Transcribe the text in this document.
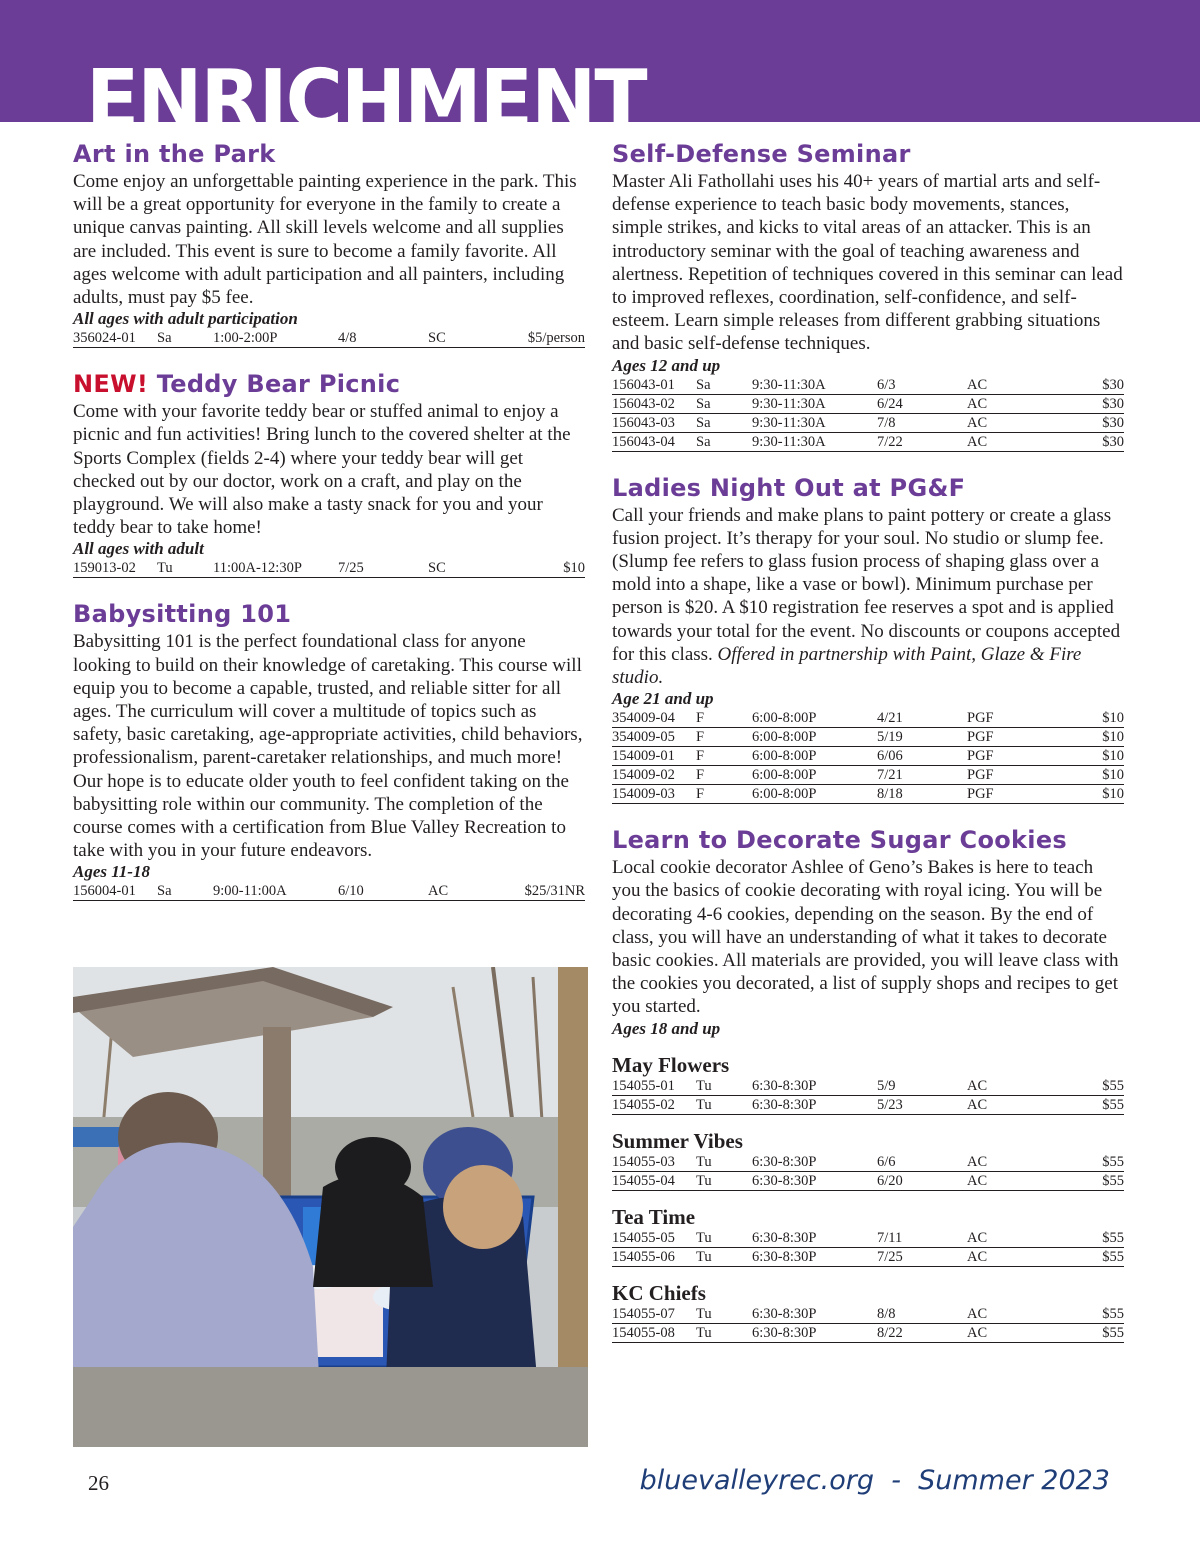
ENRICHMENT
Art in the Park

Come enjoy an unforgettable painting experience in the park. This will be a great opportunity for everyone in the family to create a unique canvas painting. All skill levels welcome and all supplies are included. This event is sure to become a family favorite. All ages welcome with adult participation and all painters, including adults, must pay $5 fee.

All ages with adult participation

356024-01	Sa	1:00-2:00P	4/8	SC	$5/person
NEW! Teddy Bear Picnic

Come with your favorite teddy bear or stuffed animal to enjoy a picnic and fun activities! Bring lunch to the covered shelter at the Sports Complex (fields 2-4) where your teddy bear will get checked out by our doctor, work on a craft, and play on the playground. We will also make a tasty snack for you and your teddy bear to take home!

All ages with adult

159013-02	Tu	11:00A-12:30P	7/25	SC	$10
Babysitting 101

Babysitting 101 is the perfect foundational class for anyone looking to build on their knowledge of caretaking. This course will equip you to become a capable, trusted, and reliable sitter for all ages. The curriculum will cover a multitude of topics such as safety, basic caretaking, age-appropriate activities, child behaviors, professionalism, parent-caretaker relationships, and much more! Our hope is to educate older youth to feel confident taking on the babysitting role within our community. The completion of the course comes with a certification from Blue Valley Recreation to take with you in your future endeavors.

Ages 11-18

156004-01	Sa	9:00-11:00A	6/10	AC	$25/31NR
Self-Defense Seminar

Master Ali Fathollahi uses his 40+ years of martial arts and self-defense experience to teach basic body movements, stances, simple strikes, and kicks to vital areas of an attacker. This is an introductory seminar with the goal of teaching awareness and alertness. Repetition of techniques covered in this seminar can lead to improved reflexes, coordination, self-confidence, and self-esteem. Learn simple releases from different grabbing situations and basic self-defense techniques.

Ages 12 and up

156043-01	Sa	9:30-11:30A	6/3	AC	$30
156043-02	Sa	9:30-11:30A	6/24	AC	$30
156043-03	Sa	9:30-11:30A	7/8	AC	$30
156043-04	Sa	9:30-11:30A	7/22	AC	$30
Ladies Night Out at PG&F

Call your friends and make plans to paint pottery or create a glass fusion project. It’s therapy for your soul. No studio or slump fee. (Slump fee refers to glass fusion process of shaping glass over a mold into a shape, like a vase or bowl). Minimum purchase per person is $20. A $10 registration fee reserves a spot and is applied towards your total for the event. No discounts or coupons accepted for this class. Offered in partnership with Paint, Glaze & Fire studio.

Age 21 and up

354009-04	F	6:00-8:00P	4/21	PGF	$10
354009-05	F	6:00-8:00P	5/19	PGF	$10
154009-01	F	6:00-8:00P	6/06	PGF	$10
154009-02	F	6:00-8:00P	7/21	PGF	$10
154009-03	F	6:00-8:00P	8/18	PGF	$10
Learn to Decorate Sugar Cookies

Local cookie decorator Ashlee of Geno’s Bakes is here to teach you the basics of cookie decorating with royal icing. You will be decorating 4-6 cookies, depending on the season. By the end of class, you will have an understanding of what it takes to decorate basic cookies. All materials are provided, you will leave class with the cookies you decorated, a list of supply shops and recipes to get you started.

Ages 18 and up

May Flowers
154055-01	Tu	6:30-8:30P	5/9	AC	$55
154055-02	Tu	6:30-8:30P	5/23	AC	$55
Summer Vibes
154055-03	Tu	6:30-8:30P	6/6	AC	$55
154055-04	Tu	6:30-8:30P	6/20	AC	$55
Tea Time
154055-05	Tu	6:30-8:30P	7/11	AC	$55
154055-06	Tu	6:30-8:30P	7/25	AC	$55
KC Chiefs
154055-07	Tu	6:30-8:30P	8/8	AC	$55
154055-08	Tu	6:30-8:30P	8/22	AC	$55
26	bluevalleyrec.org - Summer 2023
